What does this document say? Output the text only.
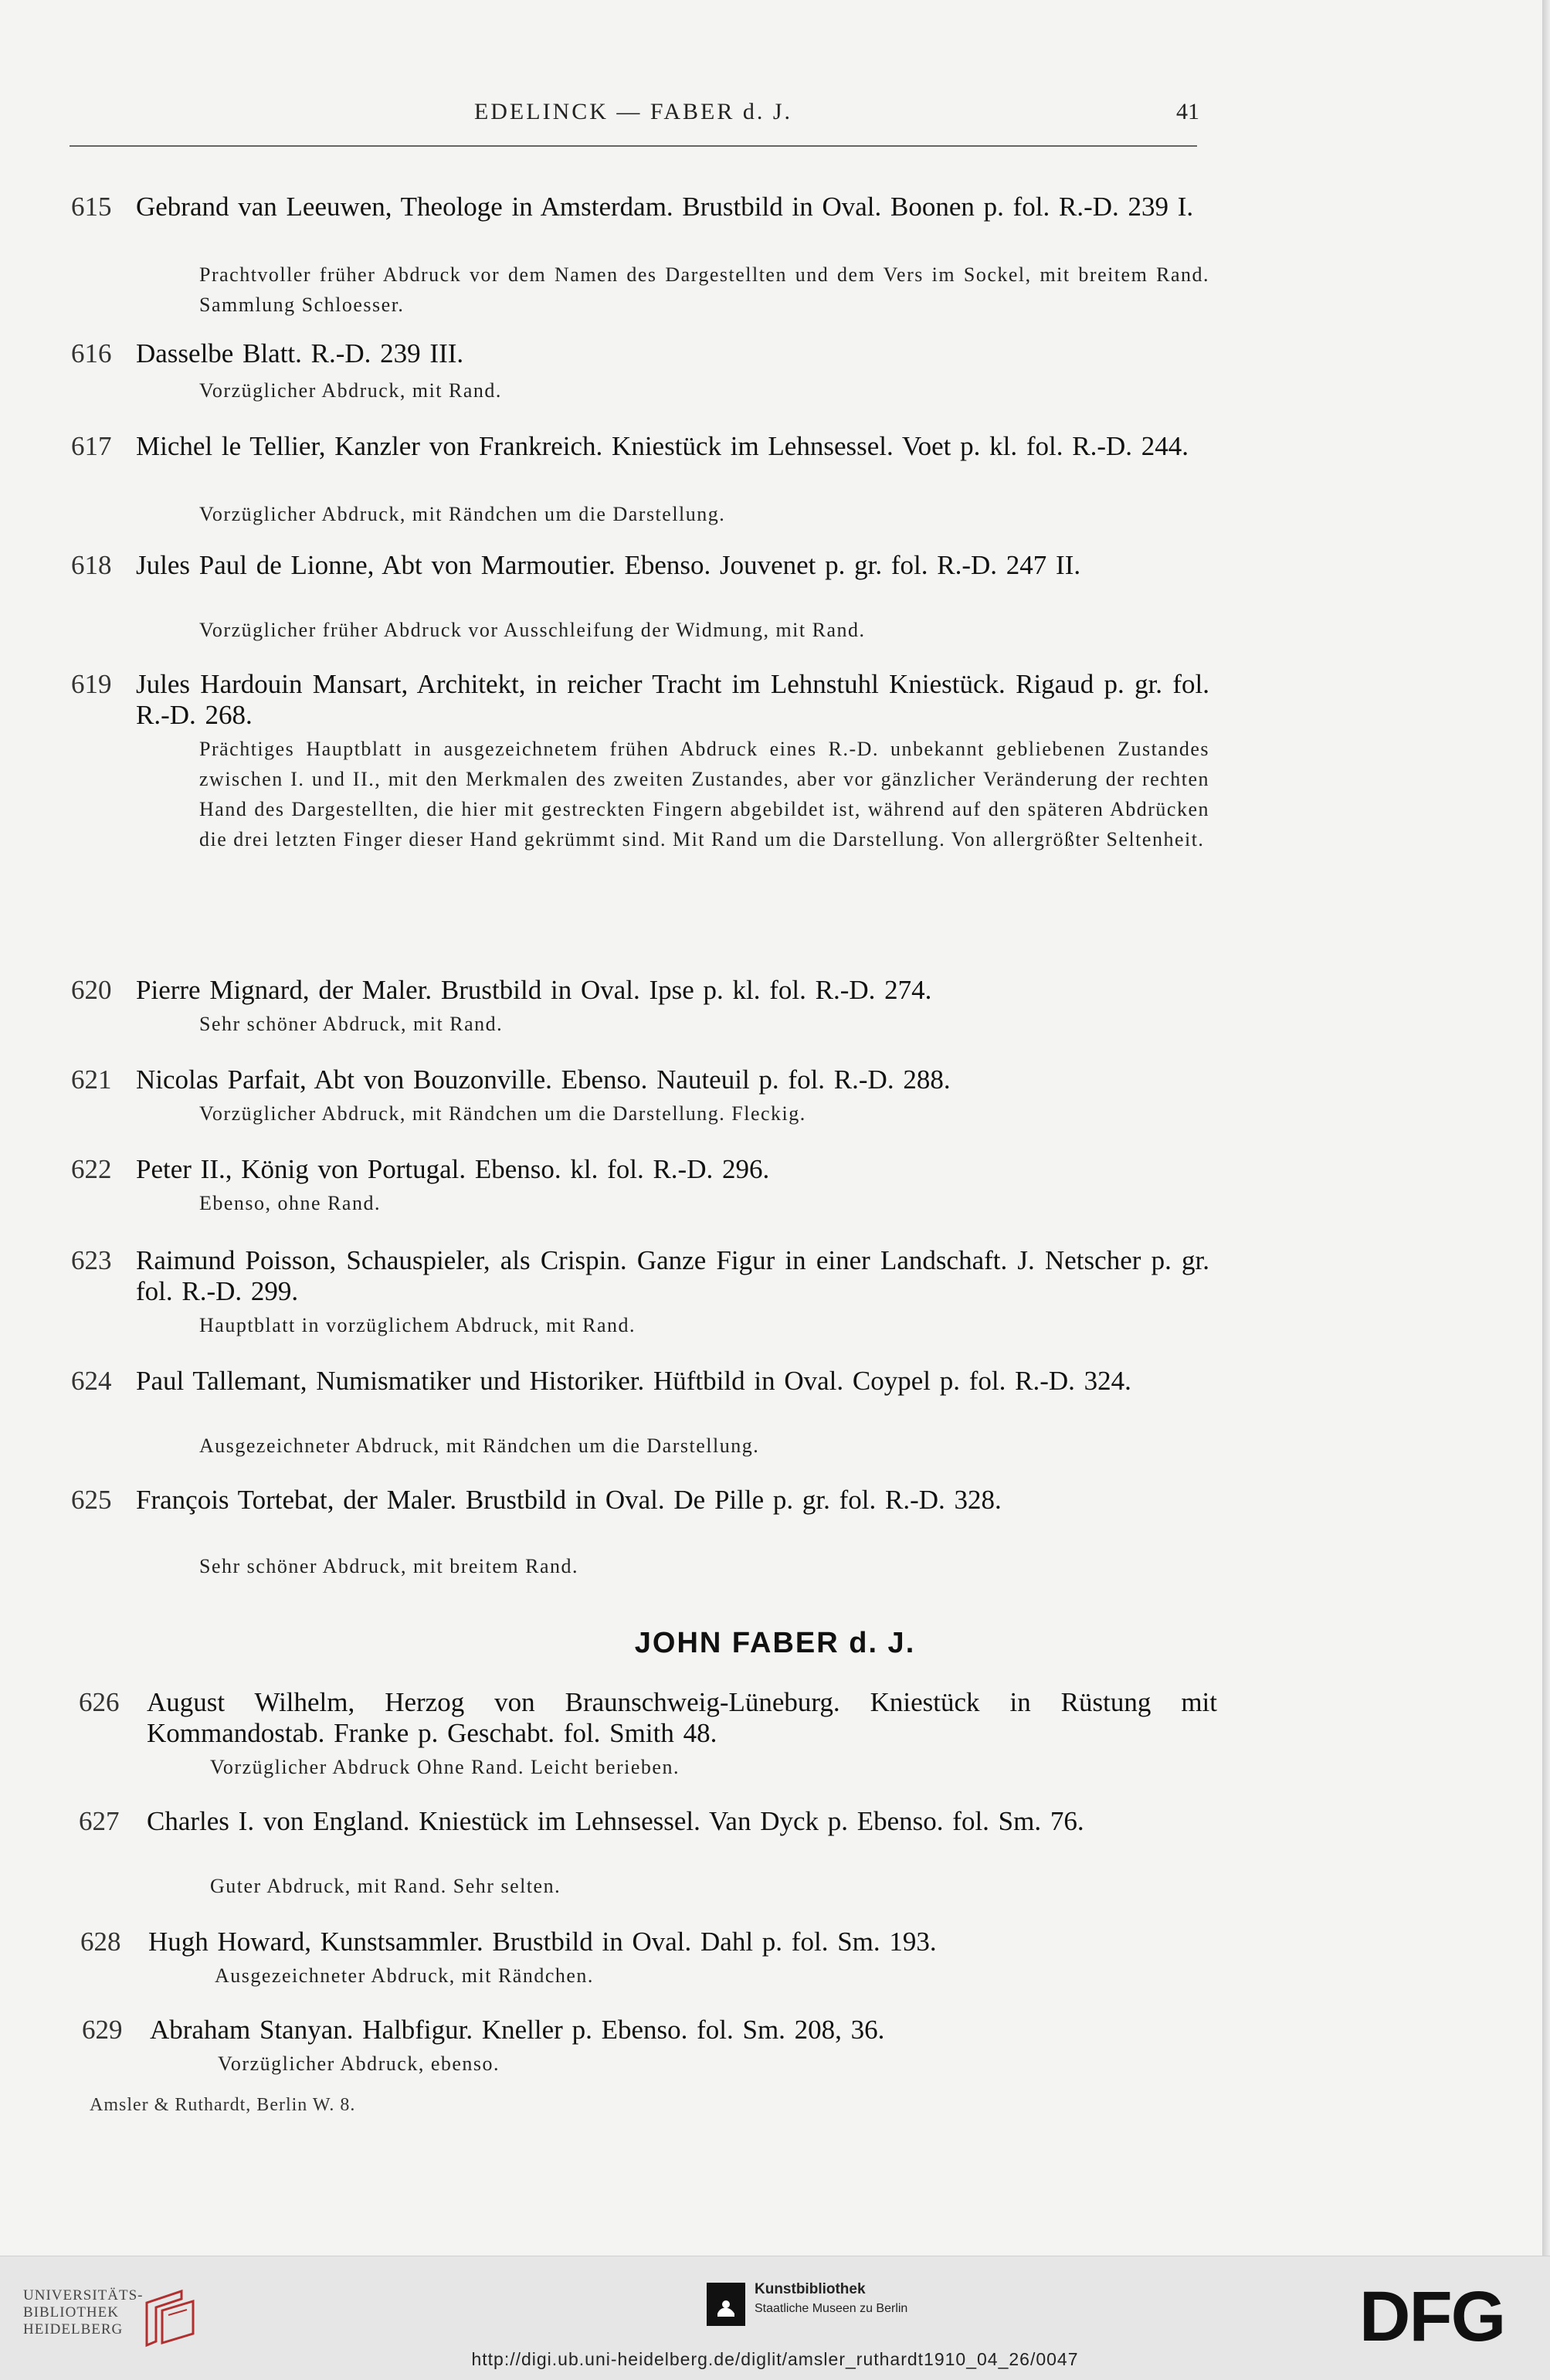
EDELINCK — FABER d. J.	41
615 Gebrand van Leeuwen, Theologe in Amsterdam. Brustbild in Oval. Boonen p. fol. R.-D. 239 I.
Prachtvoller früher Abdruck vor dem Namen des Dargestellten und dem Vers im Sockel, mit breitem Rand. Sammlung Schloesser.
616 Dasselbe Blatt. R.-D. 239 III.
Vorzüglicher Abdruck, mit Rand.
617 Michel le Tellier, Kanzler von Frankreich. Kniestück im Lehnsessel. Voet p. kl. fol. R.-D. 244.
Vorzüglicher Abdruck, mit Rändchen um die Darstellung.
618 Jules Paul de Lionne, Abt von Marmoutier. Ebenso. Jouvenet p. gr. fol. R.-D. 247 II.
Vorzüglicher früher Abdruck vor Ausschleifung der Widmung, mit Rand.
619 Jules Hardouin Mansart, Architekt, in reicher Tracht im Lehnstuhl Kniestück. Rigaud p. gr. fol. R.-D. 268.
Prächtiges Hauptblatt in ausgezeichnetem frühen Abdruck eines R.-D. unbekannt gebliebenen Zustandes zwischen I. und II., mit den Merkmalen des zweiten Zustandes, aber vor gänzlicher Veränderung der rechten Hand des Dargestellten, die hier mit gestreckten Fingern abgebildet ist, während auf den späteren Abdrücken die drei letzten Finger dieser Hand gekrümmt sind. Mit Rand um die Darstellung. Von allergrößter Seltenheit.
620 Pierre Mignard, der Maler. Brustbild in Oval. Ipse p. kl. fol. R.-D. 274.
Sehr schöner Abdruck, mit Rand.
621 Nicolas Parfait, Abt von Bouzonville. Ebenso. Nauteuil p. fol. R.-D. 288.
Vorzüglicher Abdruck, mit Rändchen um die Darstellung. Fleckig.
622 Peter II., König von Portugal. Ebenso. kl. fol. R.-D. 296.
Ebenso, ohne Rand.
623 Raimund Poisson, Schauspieler, als Crispin. Ganze Figur in einer Landschaft. J. Netscher p. gr. fol. R.-D. 299.
Hauptblatt in vorzüglichem Abdruck, mit Rand.
624 Paul Tallemant, Numismatiker und Historiker. Hüftbild in Oval. Coypel p. fol. R.-D. 324.
Ausgezeichneter Abdruck, mit Rändchen um die Darstellung.
625 François Tortebat, der Maler. Brustbild in Oval. De Pille p. gr. fol. R.-D. 328.
Sehr schöner Abdruck, mit breitem Rand.
JOHN FABER d. J.
626	August Wilhelm, Herzog von Braunschweig-Lüneburg. Kniestück in Rüstung mit Kommandostab. Franke p. Geschabt. fol. Smith 48.
Vorzüglicher Abdruck Ohne Rand. Leicht berieben.
627	Charles I. von England. Kniestück im Lehnsessel. Van Dyck p. Ebenso. fol. Sm. 76.
Guter Abdruck, mit Rand. Sehr selten.
628	Hugh Howard, Kunstsammler. Brustbild in Oval. Dahl p. fol. Sm. 193.
Ausgezeichneter Abdruck, mit Rändchen.
629	Abraham Stanyan. Halbfigur. Kneller p. Ebenso. fol. Sm. 208, 36.
Vorzüglicher Abdruck, ebenso.
Amsler & Ruthardt, Berlin W. 8.
UNIVERSITÄTS-
BIBLIOTHEK
HEIDELBERG
Kunstbibliothek
Staatliche Museen zu Berlin	DFG
http://digi.ub.uni-heidelberg.de/diglit/amsler_ruthardt1910_04_26/0047
